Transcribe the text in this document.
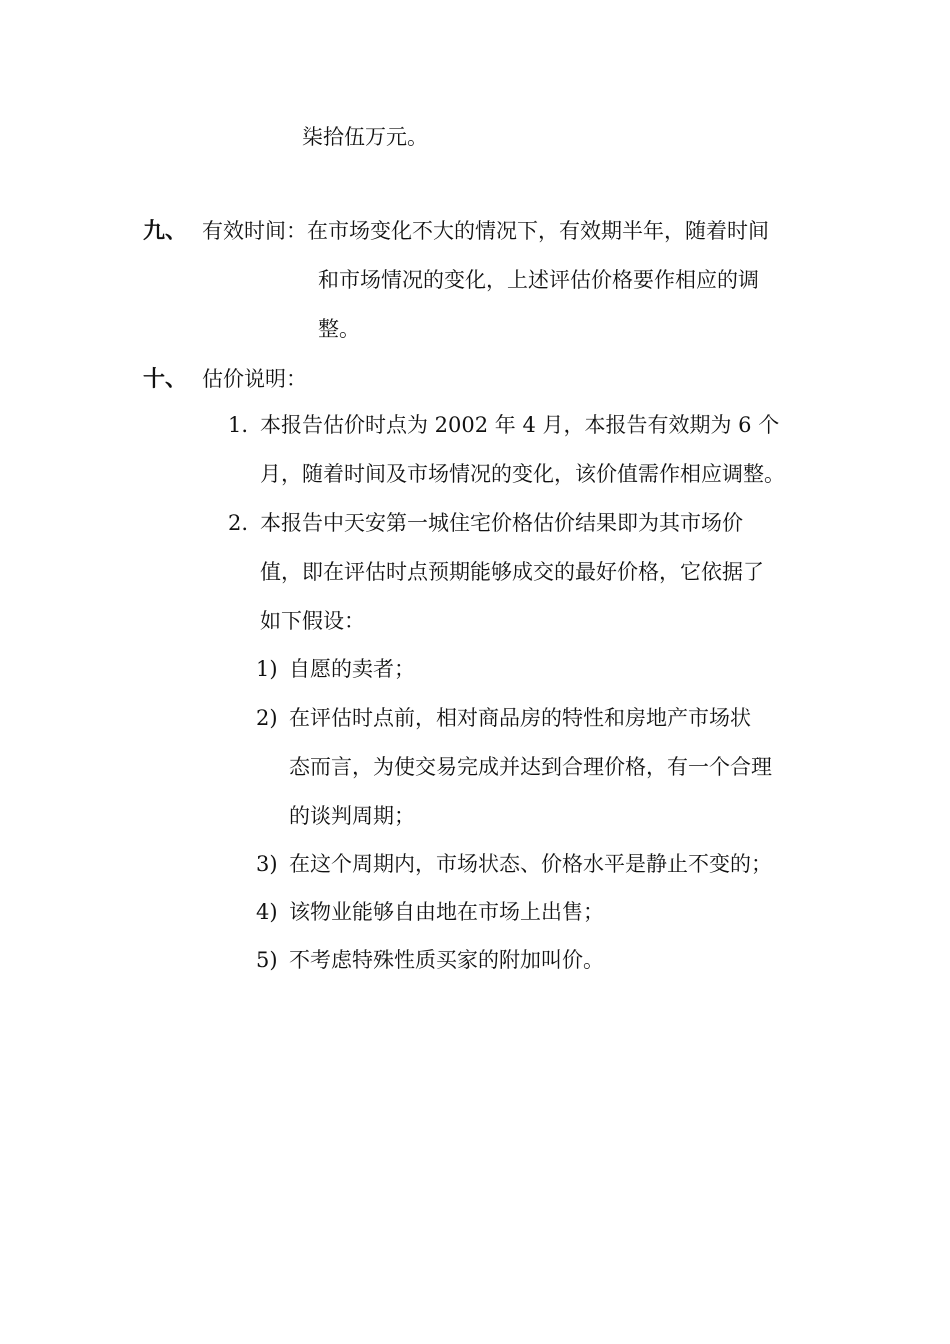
柒拾伍万元。
九、 有效时间：在市场变化不大的情况下，有效期半年，随着时间
和市场情况的变化，上述评估价格要作相应的调
整。
十、 估价说明：
1. 本报告估价时点为 2002 年 4 月，本报告有效期为 6 个
月，随着时间及市场情况的变化，该价值需作相应调整。
2. 本报告中天安第一城住宅价格估价结果即为其市场价
值，即在评估时点预期能够成交的最好价格，它依据了
如下假设：
1) 自愿的卖者；
2) 在评估时点前，相对商品房的特性和房地产市场状
态而言，为使交易完成并达到合理价格，有一个合理
的谈判周期；
3) 在这个周期内，市场状态、价格水平是静止不变的；
4) 该物业能够自由地在市场上出售；
5) 不考虑特殊性质买家的附加叫价。
